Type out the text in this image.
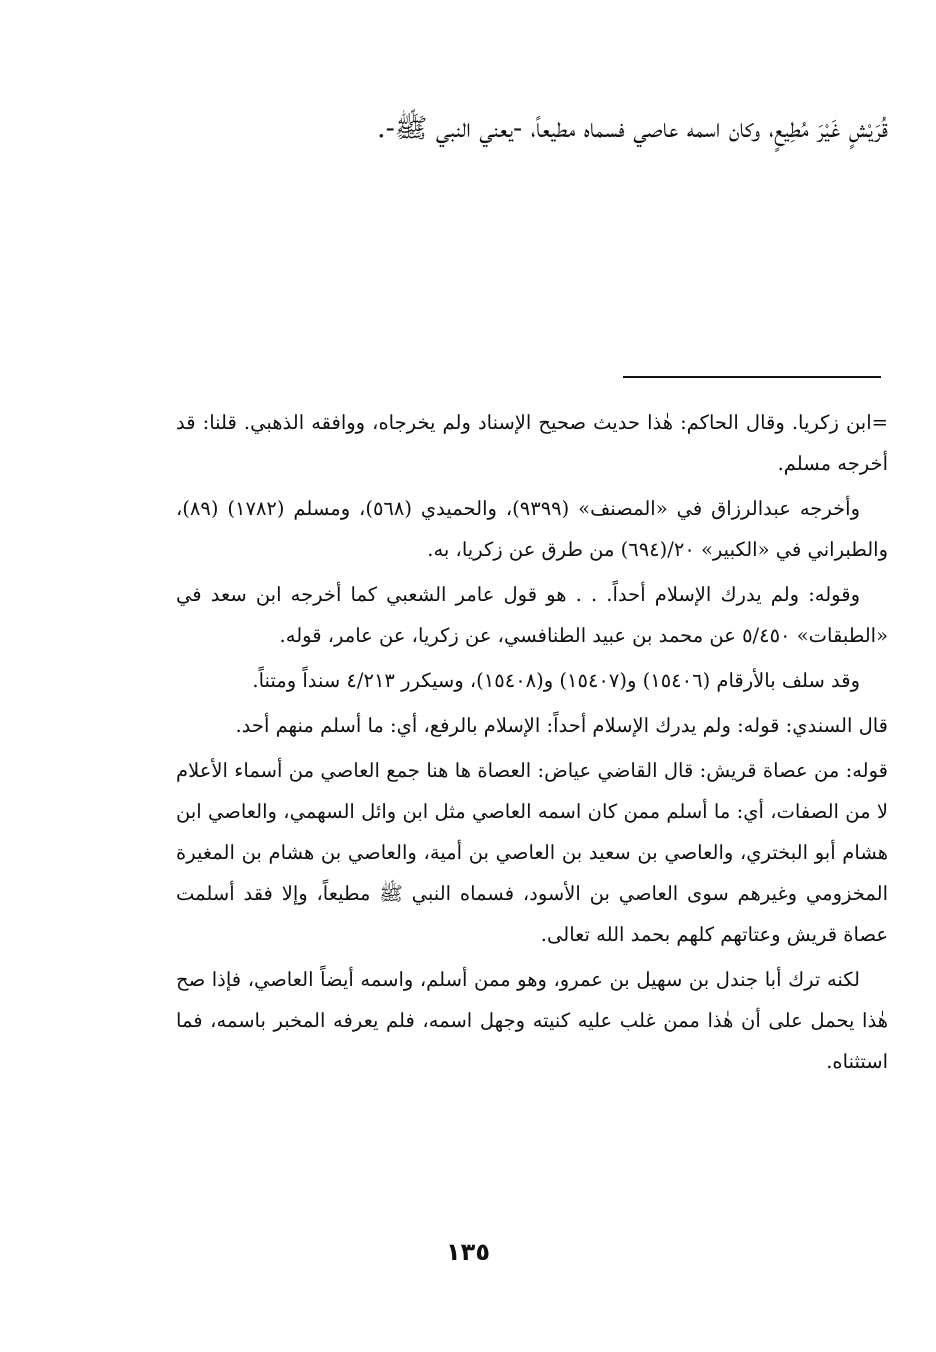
قُرَيْشٍ غَيْرَ مُطِيعٍ، وكان اسمه عاصي فسماه مطيعاً، -يعني النبي ﷺ-.

=ابن زكريا. وقال الحاكم: هٰذا حديث صحيح الإسناد ولم يخرجاه، ووافقه الذهبي. قلنا: قد أخرجه مسلم.

وأخرجه عبدالرزاق في «المصنف» (٩٣٩٩)، والحميدي (٥٦٨)، ومسلم (١٧٨٢) (٨٩)، والطبراني في «الكبير» ٢٠/(٦٩٤) من طرق عن زكريا، به.

وقوله: ولم يدرك الإسلام أحداً. . . هو قول عامر الشعبي كما أخرجه ابن سعد في «الطبقات» ٥/٤٥٠ عن محمد بن عبيد الطنافسي، عن زكريا، عن عامر، قوله.

وقد سلف بالأرقام (١٥٤٠٦) و(١٥٤٠٧) و(١٥٤٠٨)، وسيكرر ٤/٢١٣ سنداً ومتناً.

قال السندي: قوله: ولم يدرك الإسلام أحداً: الإسلام بالرفع، أي: ما أسلم منهم أحد.

قوله: من عصاة قريش: قال القاضي عياض: العصاة ها هنا جمع العاصي من أسماء الأعلام لا من الصفات، أي: ما أسلم ممن كان اسمه العاصي مثل ابن وائل السهمي، والعاصي ابن هشام أبو البختري، والعاصي بن سعيد بن العاصي بن أمية، والعاصي بن هشام بن المغيرة المخزومي وغيرهم سوى العاصي بن الأسود، فسماه النبي ﷺ مطيعاً، وإلا فقد أسلمت عصاة قريش وعتاتهم كلهم بحمد الله تعالى.

لكنه ترك أبا جندل بن سهيل بن عمرو، وهو ممن أسلم، واسمه أيضاً العاصي، فإذا صح هٰذا يحمل على أن هٰذا ممن غلب عليه كنيته وجهل اسمه، فلم يعرفه المخبر باسمه، فما استثناه.

١٣٥
